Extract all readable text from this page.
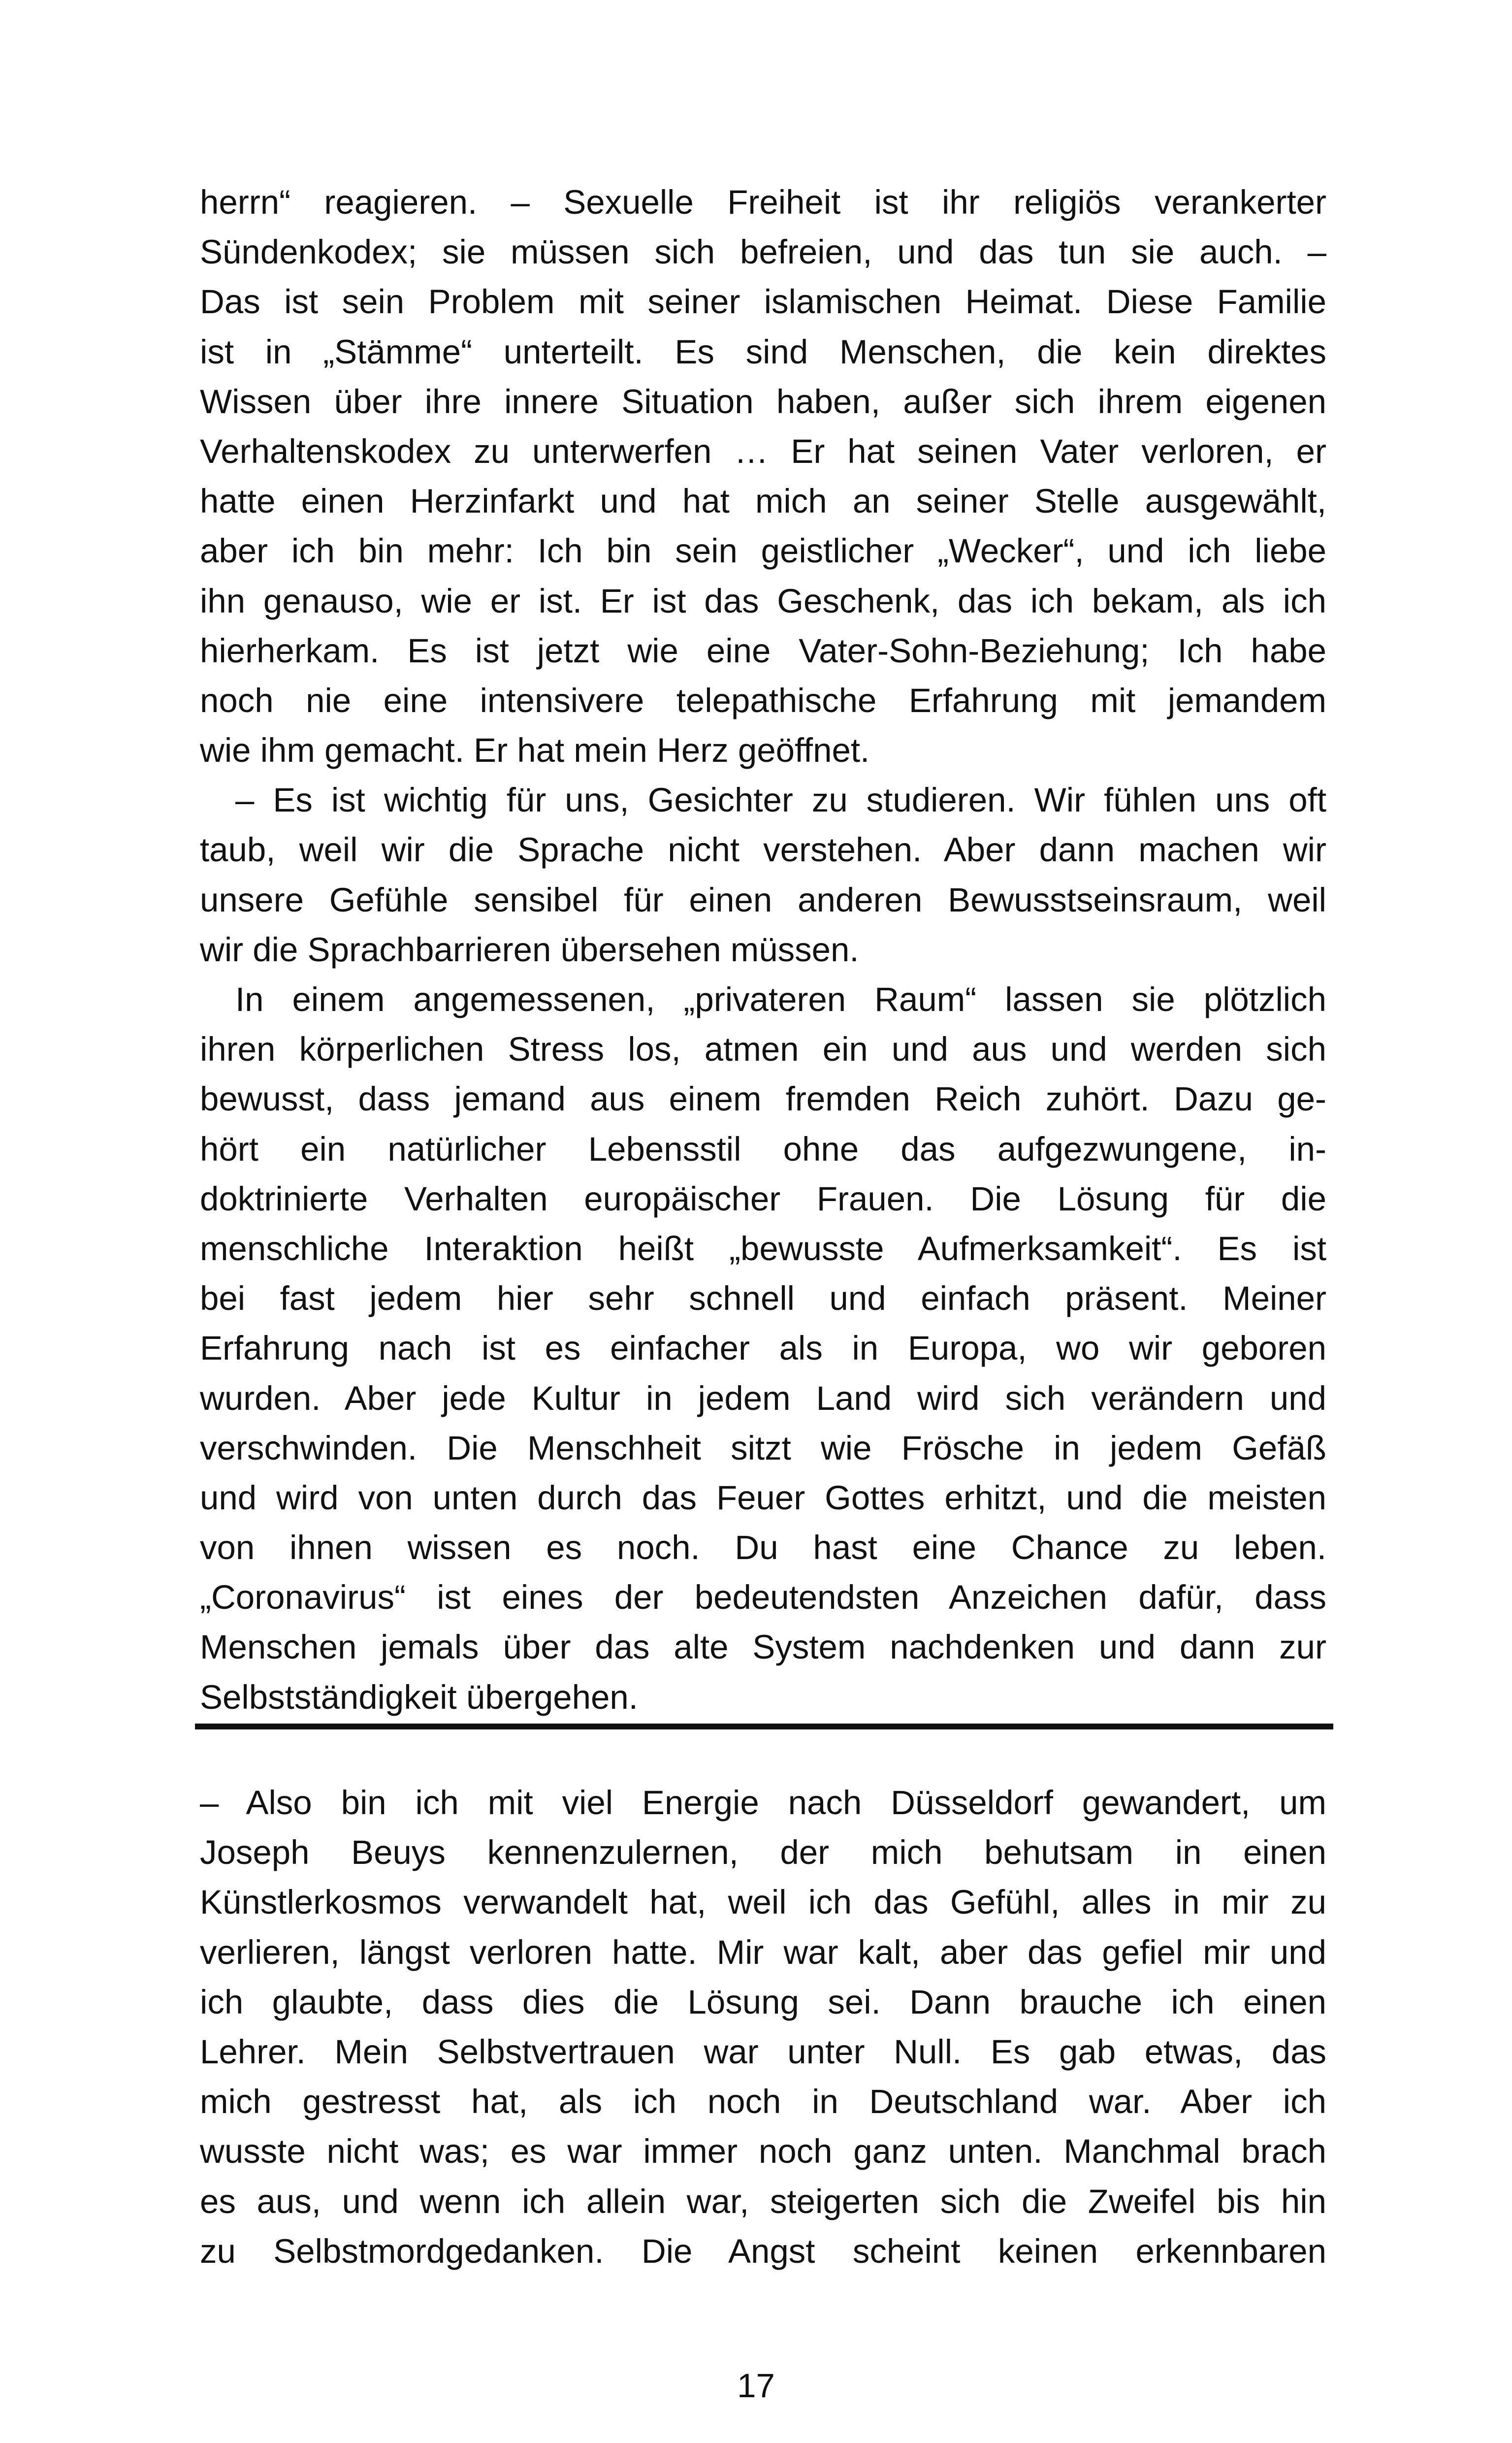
herrn“ reagieren. – Sexuelle Freiheit ist ihr religiös verankerter
Sündenkodex; sie müssen sich befreien, und das tun sie auch. –
Das ist sein Problem mit seiner islamischen Heimat. Diese Familie
ist in „Stämme“ unterteilt. Es sind Menschen, die kein direktes
Wissen über ihre innere Situation haben, außer sich ihrem eigenen
Verhaltenskodex zu unterwerfen … Er hat seinen Vater verloren, er
hatte einen Herzinfarkt und hat mich an seiner Stelle ausgewählt,
aber ich bin mehr: Ich bin sein geistlicher „Wecker“, und ich liebe
ihn genauso, wie er ist. Er ist das Geschenk, das ich bekam, als ich
hierherkam. Es ist jetzt wie eine Vater-Sohn-Beziehung; Ich habe
noch nie eine intensivere telepathische Erfahrung mit jemandem
wie ihm gemacht. Er hat mein Herz geöffnet.
– Es ist wichtig für uns, Gesichter zu studieren. Wir fühlen uns oft
taub, weil wir die Sprache nicht verstehen. Aber dann machen wir
unsere Gefühle sensibel für einen anderen Bewusstseinsraum, weil
wir die Sprachbarrieren übersehen müssen.
In einem angemessenen, „privateren Raum“ lassen sie plötzlich
ihren körperlichen Stress los, atmen ein und aus und werden sich
bewusst, dass jemand aus einem fremden Reich zuhört. Dazu ge-
hört ein natürlicher Lebensstil ohne das aufgezwungene, in-
doktrinierte Verhalten europäischer Frauen. Die Lösung für die
menschliche Interaktion heißt „bewusste Aufmerksamkeit“. Es ist
bei fast jedem hier sehr schnell und einfach präsent. Meiner
Erfahrung nach ist es einfacher als in Europa, wo wir geboren
wurden. Aber jede Kultur in jedem Land wird sich verändern und
verschwinden. Die Menschheit sitzt wie Frösche in jedem Gefäß
und wird von unten durch das Feuer Gottes erhitzt, und die meisten
von ihnen wissen es noch. Du hast eine Chance zu leben.
„Coronavirus“ ist eines der bedeutendsten Anzeichen dafür, dass
Menschen jemals über das alte System nachdenken und dann zur
Selbstständigkeit übergehen.
– Also bin ich mit viel Energie nach Düsseldorf gewandert, um
Joseph Beuys kennenzulernen, der mich behutsam in einen
Künstlerkosmos verwandelt hat, weil ich das Gefühl, alles in mir zu
verlieren, längst verloren hatte. Mir war kalt, aber das gefiel mir und
ich glaubte, dass dies die Lösung sei. Dann brauche ich einen
Lehrer. Mein Selbstvertrauen war unter Null. Es gab etwas, das
mich gestresst hat, als ich noch in Deutschland war. Aber ich
wusste nicht was; es war immer noch ganz unten. Manchmal brach
es aus, und wenn ich allein war, steigerten sich die Zweifel bis hin
zu Selbstmordgedanken. Die Angst scheint keinen erkennbaren
17
